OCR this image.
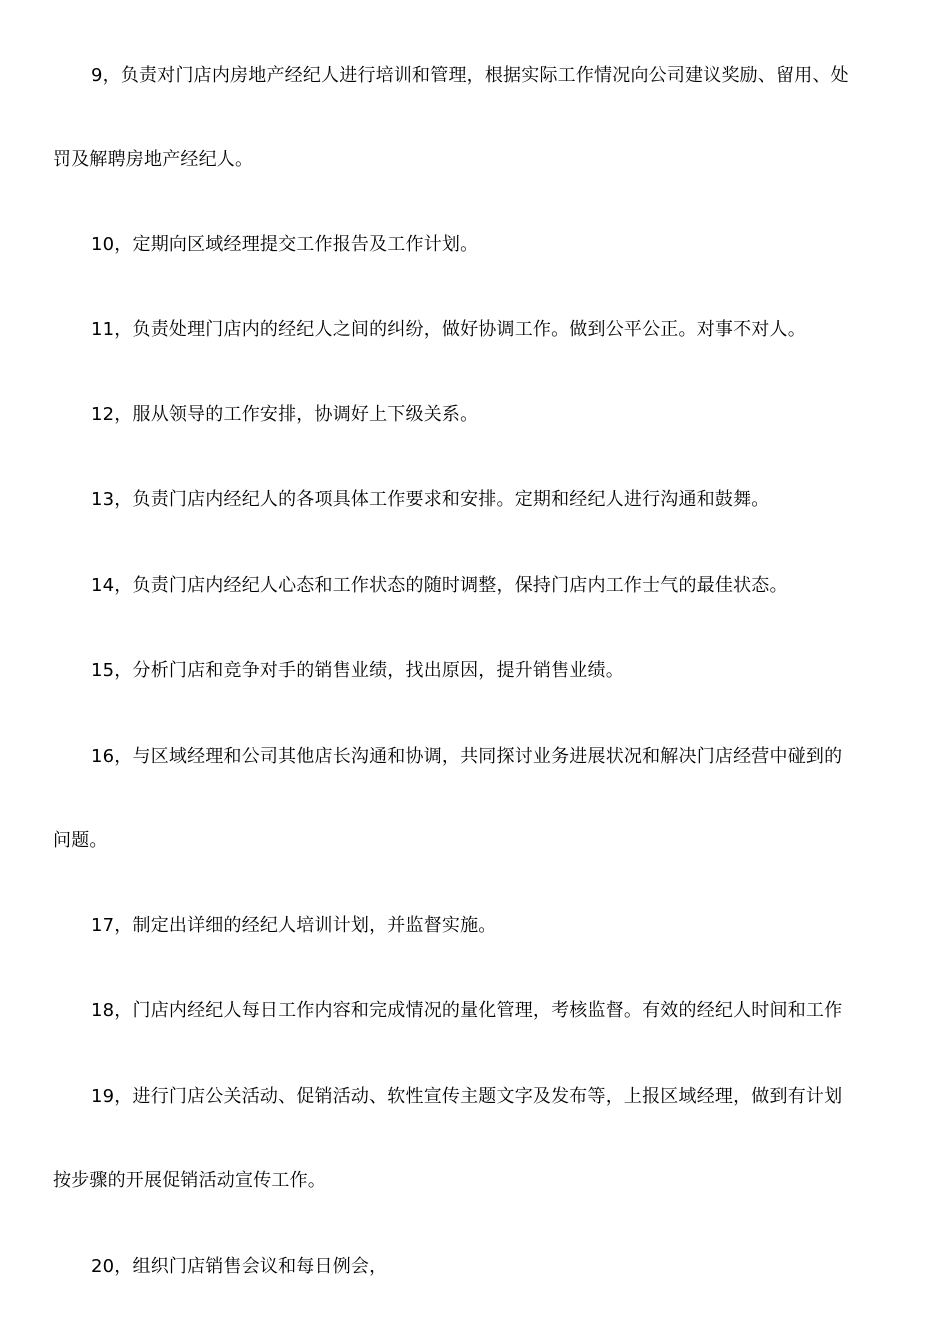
9，负责对门店内房地产经纪人进行培训和管理，根据实际工作情况向公司建议奖励、留用、处
罚及解聘房地产经纪人。
10，定期向区域经理提交工作报告及工作计划。
11，负责处理门店内的经纪人之间的纠纷，做好协调工作。做到公平公正。对事不对人。
12，服从领导的工作安排，协调好上下级关系。
13，负责门店内经纪人的各项具体工作要求和安排。定期和经纪人进行沟通和鼓舞。
14，负责门店内经纪人心态和工作状态的随时调整，保持门店内工作士气的最佳状态。
15，分析门店和竞争对手的销售业绩，找出原因，提升销售业绩。
16，与区域经理和公司其他店长沟通和协调，共同探讨业务进展状况和解决门店经营中碰到的
问题。
17，制定出详细的经纪人培训计划，并监督实施。
18，门店内经纪人每日工作内容和完成情况的量化管理，考核监督。有效的经纪人时间和工作
19，进行门店公关活动、促销活动、软性宣传主题文字及发布等，上报区域经理，做到有计划
按步骤的开展促销活动宣传工作。
20，组织门店销售会议和每日例会，
